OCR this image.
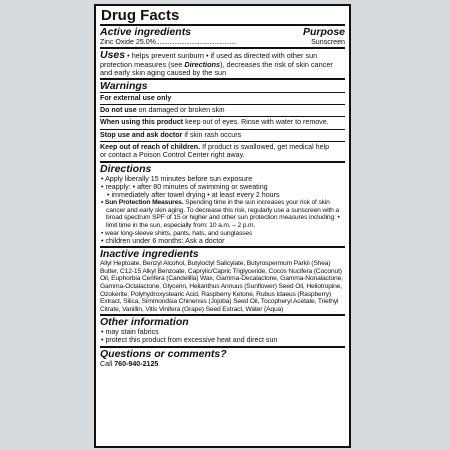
Drug Facts
Active ingredients	Purpose
Zinc Oxide 25.0%................................................	Sunscreen
Uses • helps prevent sunburn • if used as directed with other sun
protection measures (see Directions), decreases the risk of skin cancer
and early skin aging caused by the sun
Warnings
For external use only
Do not use on damaged or broken skin
When using this product keep out of eyes. Rinse with water to remove.
Stop use and ask doctor if skin rash occurs
Keep out of reach of children. If product is swallowed, get medical help
or contact a Poison Control Center right away.
Directions
• Apply liberally 15 minutes before sun exposure
• reapply: • after 80 minutes of swimming or sweating
• immediately after towel drying • at least every 2 hours
• Sun Protection Measures. Spending time in the sun increases your risk of skin cancer and early skin aging. To decrease this risk, regularly use a sunscreen with a broad spectrum SPF of 15 or higher and other sun protection measures including: • limit time in the sun, especially from: 10 a.m. – 2 p.m.
• wear long-sleeve shirts, pants, hats, and sunglasses
• children under 6 months: Ask a doctor
Inactive ingredients
Allyl Heptoate, Benzyl Alcohol, Butyloctyl Salicylate, Butyrospermum Parkii (Shea) Butter, C12-15 Alkyl Benzoate, Caprylic/Capric Triglyceride, Cocos Nucifera (Coconut) Oil, Euphorbia Cerifera (Candelilla) Wax, Gamma-Decalactone, Gamma-Nonalactone, Gamma-Octalactone, Glycerin, Helianthus Annuus (Sunflower) Seed Oil, Heliotropine, Ozokerite, Polyhydroxystearic Acid, Raspberry Ketone, Rubus Idaeus (Raspberry) Extract, Silica, Simmondsia Chinensis (Jojoba) Seed Oil, Tocopheryl Acetate, Triethyl Citrate, Vanillin, Vitis Vinifera (Grape) Seed Extract, Water (Aqua)
Other information
• may stain fabrics
• protect this product from excessive heat and direct sun
Questions or comments?
Call 760-940-2125
